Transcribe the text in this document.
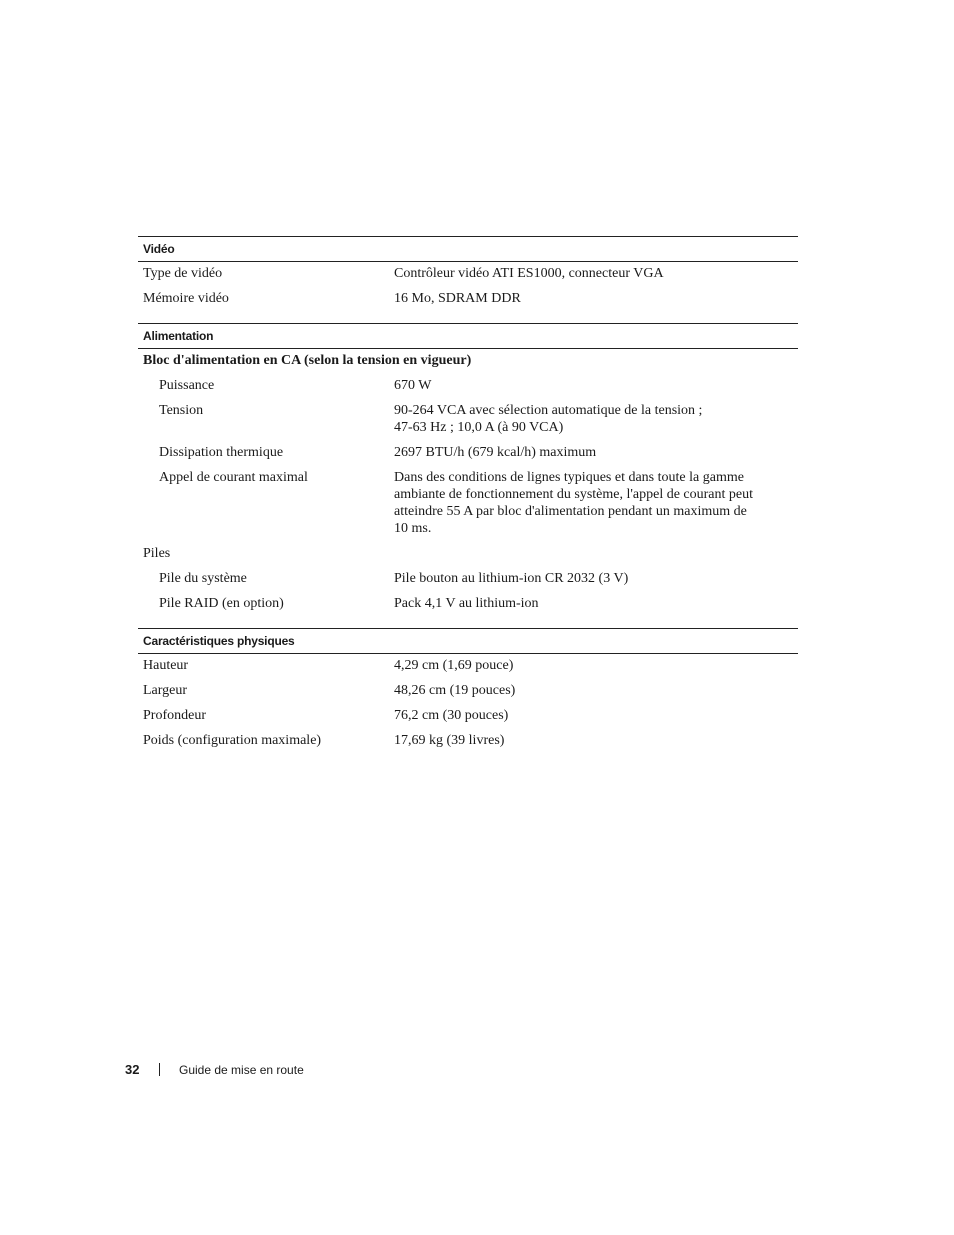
Vidéo
Type de vidéo	Contrôleur vidéo ATI ES1000, connecteur VGA
Mémoire vidéo	16 Mo, SDRAM DDR
Alimentation
Bloc d'alimentation en CA (selon la tension en vigueur)
Puissance	670 W
Tension	90-264 VCA avec sélection automatique de la tension ;
47-63 Hz ; 10,0 A (à 90 VCA)
Dissipation thermique	2697 BTU/h (679 kcal/h) maximum
Appel de courant maximal	Dans des conditions de lignes typiques et dans toute la gamme
ambiante de fonctionnement du système, l'appel de courant peut
atteindre 55 A par bloc d'alimentation pendant un maximum de
10 ms.
Piles
Pile du système	Pile bouton au lithium-ion CR 2032 (3 V)
Pile RAID (en option)	Pack 4,1 V au lithium-ion
Caractéristiques physiques
Hauteur	4,29 cm (1,69 pouce)
Largeur	48,26 cm (19 pouces)
Profondeur	76,2 cm (30 pouces)
Poids (configuration maximale)	17,69 kg (39 livres)
32	Guide de mise en route
